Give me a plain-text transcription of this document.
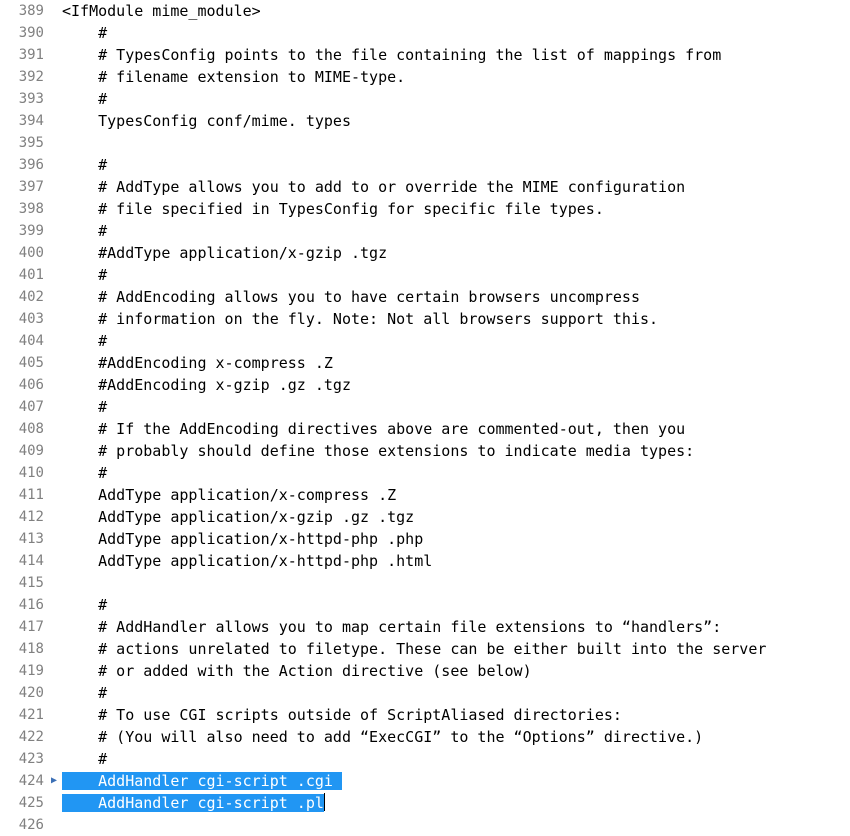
389 <IfModule mime_module>
390	#
391	# TypesConfig points to the file containing the list of mappings from
392	# filename extension to MIME-type.
393	#
394	TypesConfig conf/mime. types
395
396	#
397	# AddType allows you to add to or override the MIME configuration
398	# file specified in TypesConfig for specific file types.
399	#
400	#AddType application/x-gzip .tgz
401	#
402	# AddEncoding allows you to have certain browsers uncompress
403	# information on the fly. Note: Not all browsers support this.
404	#
405	#AddEncoding x-compress .Z
406	#AddEncoding x-gzip .gz .tgz
407	#
408	# If the AddEncoding directives above are commented-out, then you
409	# probably should define those extensions to indicate media types:
410	#
411	AddType application/x-compress .Z
412	AddType application/x-gzip .gz .tgz
413	AddType application/x-httpd-php .php
414	AddType application/x-httpd-php .html
415
416	#
417	# AddHandler allows you to map certain file extensions to “handlers”:
418	# actions unrelated to filetype. These can be either built into the server
419	# or added with the Action directive (see below)
420	#
421	# To use CGI scripts outside of ScriptAliased directories:
422	# (You will also need to add “ExecCGI” to the “Options” directive.)
423	#
424 ▶	AddHandler cgi-script .cgi
425	AddHandler cgi-script .pl
426
